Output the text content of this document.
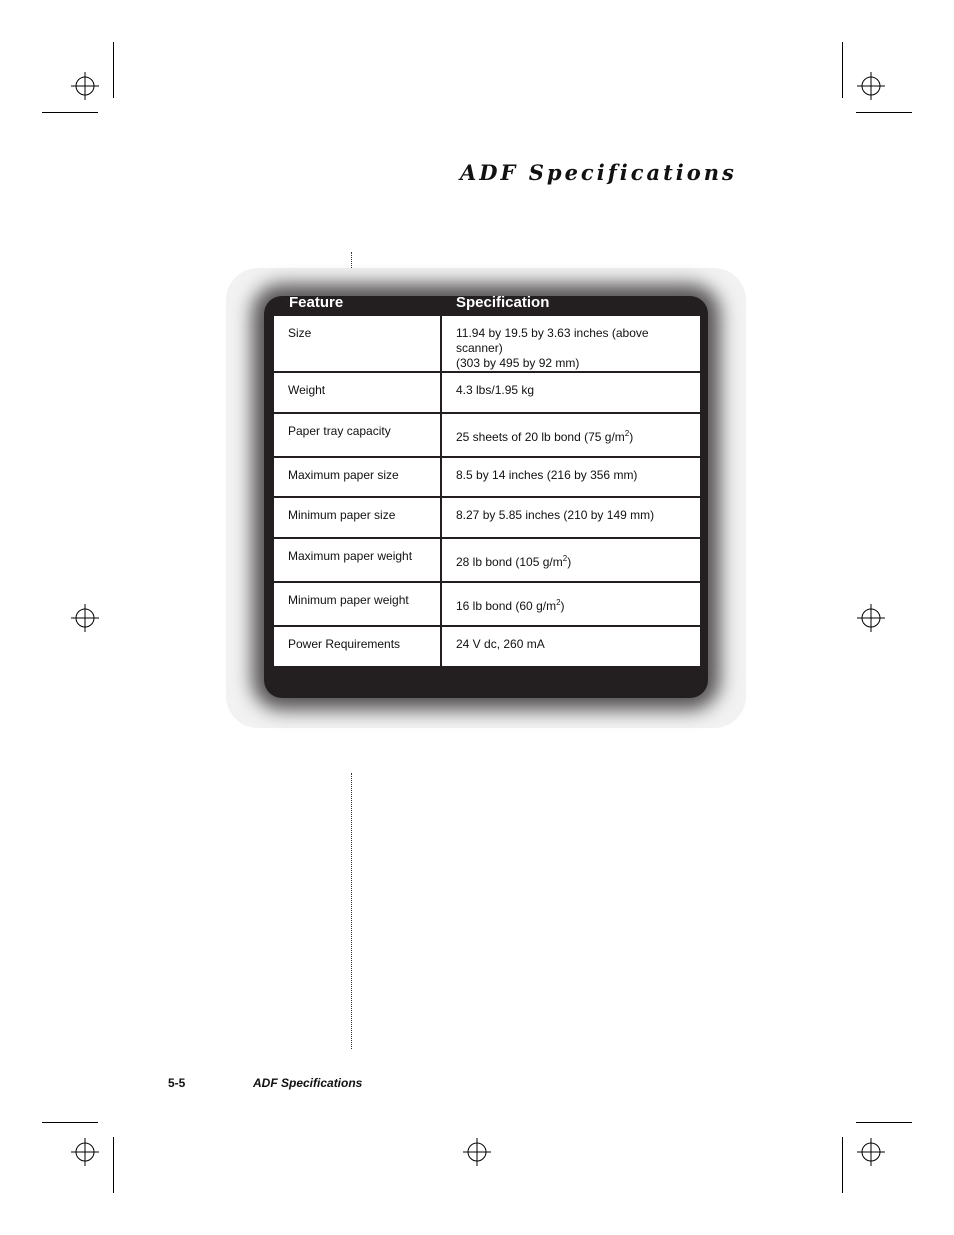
ADF Specifications
Feature	Specification
Size	11.94 by 19.5 by 3.63 inches (above scanner)
(303 by 495 by 92 mm)

Weight	4.3 lbs/1.95 kg

Paper tray capacity	25 sheets of 20 lb bond (75 $g/m^2$)

Maximum paper size	8.5 by 14 inches (216 by 356 mm)

Minimum paper size	8.27 by 5.85 inches (210 by 149 mm)

Maximum paper weight	28 lb bond (105 $g/m^2$)

Minimum paper weight	16 lb bond (60 $g/m^2$)

Power Requirements	24 V dc, 260 mA
5-5	ADF Specifications
